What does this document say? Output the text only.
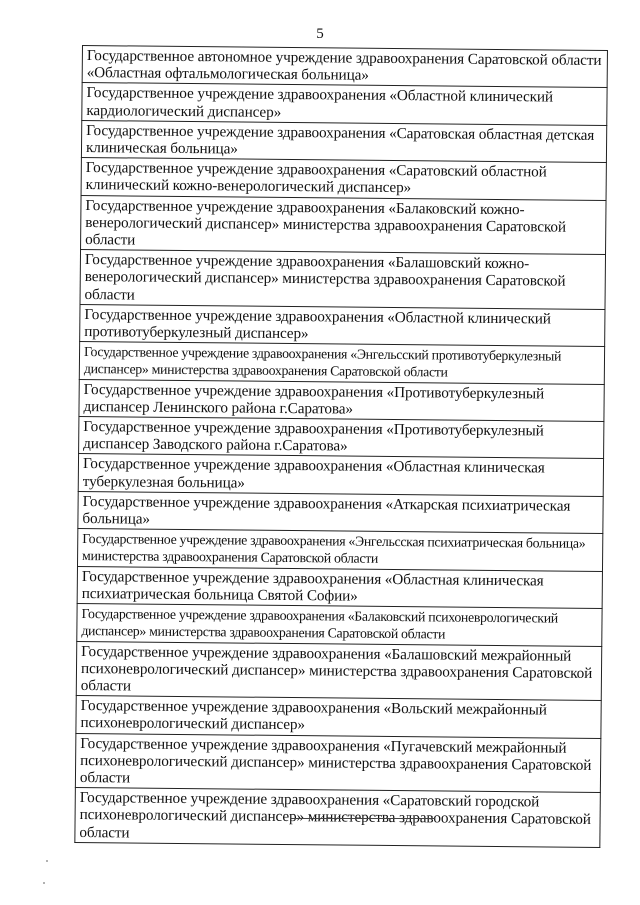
5
Государственное автономное учреждение здравоохранения Саратовской области «Областная офтальмологическая больница»
Государственное учреждение здравоохранения «Областной клинический кардиологический диспансер»
Государственное учреждение здравоохранения «Саратовская областная детская клиническая больница»
Государственное учреждение здравоохранения «Саратовский областной клинический кожно-венерологический диспансер»
Государственное учреждение здравоохранения «Балаковский кожно-венерологический диспансер» министерства здравоохранения Саратовской области
Государственное учреждение здравоохранения «Балашовский кожно-венерологический диспансер» министерства здравоохранения Саратовской области
Государственное учреждение здравоохранения «Областной клинический противотуберкулезный диспансер»
Государственное учреждение здравоохранения «Энгельсский противотуберкулезный диспансер» министерства здравоохранения Саратовской области
Государственное учреждение здравоохранения «Противотуберкулезный диспансер Ленинского района г.Саратова»
Государственное учреждение здравоохранения «Противотуберкулезный диспансер Заводского района г.Саратова»
Государственное учреждение здравоохранения «Областная клиническая туберкулезная больница»
Государственное учреждение здравоохранения «Аткарская психиатрическая больница»
Государственное учреждение здравоохранения «Энгельсская психиатрическая больница» министерства здравоохранения Саратовской области
Государственное учреждение здравоохранения «Областная клиническая психиатрическая больница Святой Софии»
Государственное учреждение здравоохранения «Балаковский психоневрологический диспансер» министерства здравоохранения Саратовской области
Государственное учреждение здравоохранения «Балашовский межрайонный психоневрологический диспансер» министерства здравоохранения Саратовской области
Государственное учреждение здравоохранения «Вольский межрайонный психоневрологический диспансер»
Государственное учреждение здравоохранения «Пугачевский межрайонный психоневрологический диспансер» министерства здравоохранения Саратовской области
Государственное учреждение здравоохранения «Саратовский городской психоневрологический диспансер» министерства здравоохранения Саратовской области
